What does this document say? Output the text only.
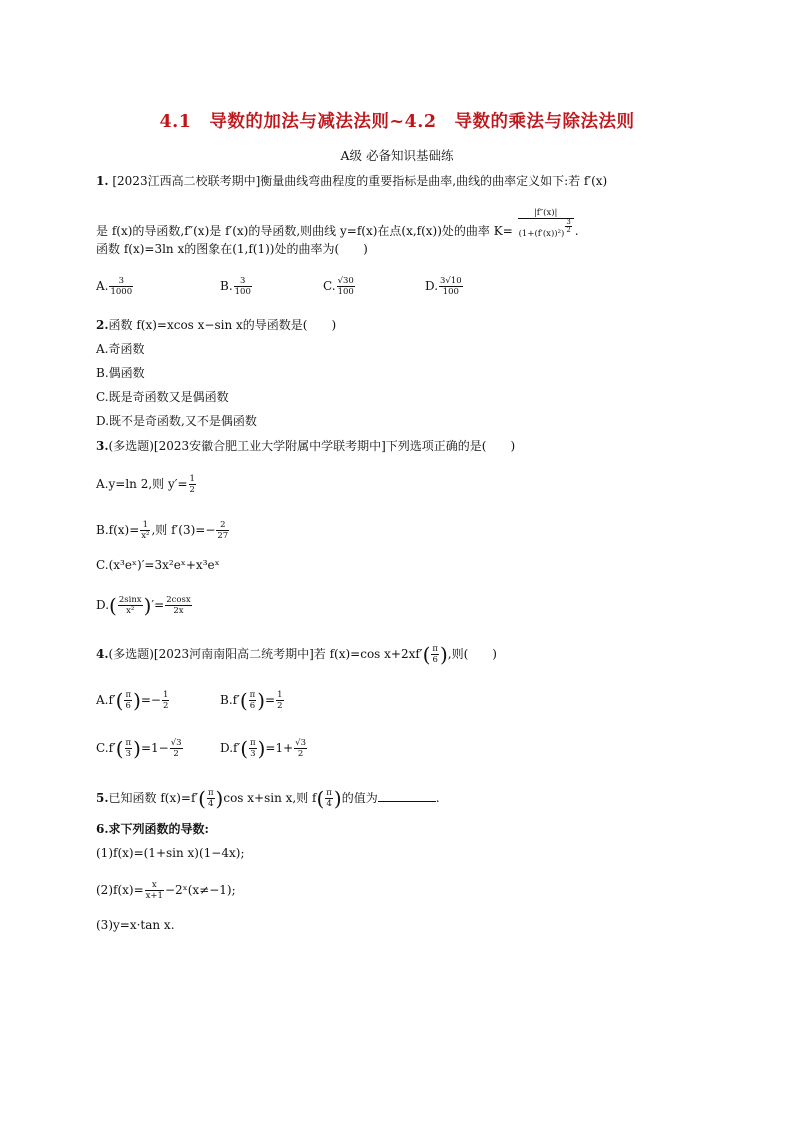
4.1　导数的加法与减法法则~4.2　导数的乘法与除法法则
A级 必备知识基础练
1. [2023江西高二校联考期中]衡量曲线弯曲程度的重要指标是曲率,曲线的曲率定义如下:若 f′(x)
是 f(x)的导函数,f″(x)是 f′(x)的导函数,则曲线 y=f(x)在点(x,f(x))处的曲率 $K= \frac{|f''(x)|}{(1+(f'(x))^2) \frac{3}{2}}$ .
函数 f(x)=3ln x的图象在(1,f(1))处的曲率为(　　)
A. $\frac{3}{1000}$	B. $\frac{3}{100}$	C. $\frac{√30}{100}$	D. $\frac{3√10}{100}$
2.函数 f(x)=xcos x−sin x的导函数是(　　)
A.奇函数
B.偶函数
C.既是奇函数又是偶函数
D.既不是奇函数,又不是偶函数
3.(多选题)[2023安徽合肥工业大学附属中学联考期中]下列选项正确的是(　　)
A.y=ln 2,则 $y'= \frac{1}{2}$
$B.f(x)= \frac{1}{\text{x²}}$ ,则 $f'(3)=- \frac{2}{27}$
C.(x³eˣ)′=3x²eˣ+x³eˣ
$D.( \frac{2\sin x}{\text{x²}}$ )′= $\frac{2\cos x}{2x}$
4.(多选题)[2023河南南阳高二统考期中]若 f(x)=cos $x+2xf'( \frac{\pi}{6}$ ),则(　　)
$A.f'( \frac{\pi}{6}$ )=− $\frac{1}{2}$	$B.f'( \frac{\pi}{6}$ )= $\frac{1}{2}$
$C.f'( \frac{\pi}{3} )=1- \frac{√3}{2}$	$D.f'( \frac{\pi}{3} )=1+ \frac{√3}{2}$
5.已知函数 $f(x)=f'( \frac{\pi}{4} )\cos$ x+sin x,则 $f( \frac{\pi}{4}$ )的值为	.
6.求下列函数的导数:
(1)f(x)=(1+sin x)(1−4x);
$(2)f(x)= \frac{x}{x+1}$ −2ˣ(x≠−1);
(3)y=x·tan x.
